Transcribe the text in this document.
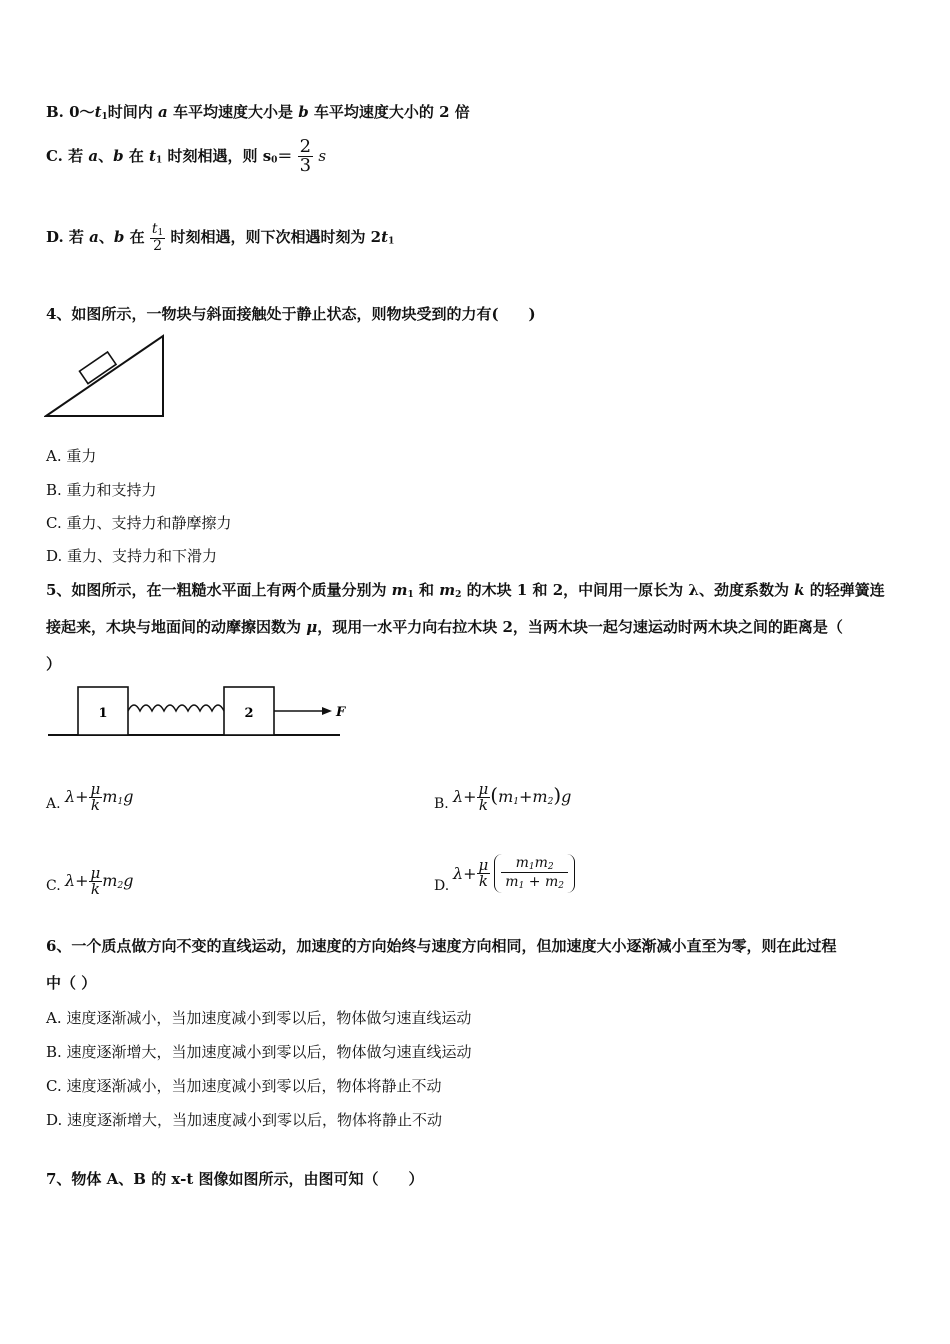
B. $0\sim t_1$时间内 a 车平均速度大小是 b 车平均速度大小的 2 倍
C. 若 a、b 在 $t_1$ 时刻相遇，则 $s_0= \frac{2}{3}$ s
D. 若 a、b 在 $\frac{t_1}{2}$ 时刻相遇，则下次相遇时刻为 $2t_1$
4、如图所示，一物块与斜面接触处于静止状态，则物块受到的力有(　　)
A. 重力
B. 重力和支持力
C. 重力、支持力和静摩擦力
D. 重力、支持力和下滑力
5、如图所示，在一粗糙水平面上有两个质量分别为 $m_1$ 和 $m_2$ 的木块 1 和 2，中间用一原长为 λ、劲度系数为 k 的轻弹簧连
接起来，木块与地面间的动摩擦因数为 μ，现用一水平力向右拉木块 2，当两木块一起匀速运动时两木块之间的距离是（
）
1	2	F
A. $\lambda+ \frac{\mu}{k} m_1g$	B. $\lambda+ \frac{\mu}{k} (m_1+m_2)g$
C. $\lambda+ \frac{\mu}{k} m_2g$	D.
$\lambda+ \frac{\mu}{k} \frac{m_1m_2}{m_1 + m_2}$
6、一个质点做方向不变的直线运动，加速度的方向始终与速度方向相同，但加速度大小逐渐减小直至为零，则在此过程
中（ ）
A. 速度逐渐减小，当加速度减小到零以后，物体做匀速直线运动
B. 速度逐渐增大，当加速度减小到零以后，物体做匀速直线运动
C. 速度逐渐减小，当加速度减小到零以后，物体将静止不动
D. 速度逐渐增大，当加速度减小到零以后，物体将静止不动
7、物体 A、B 的 x-t 图像如图所示，由图可知（　　）
